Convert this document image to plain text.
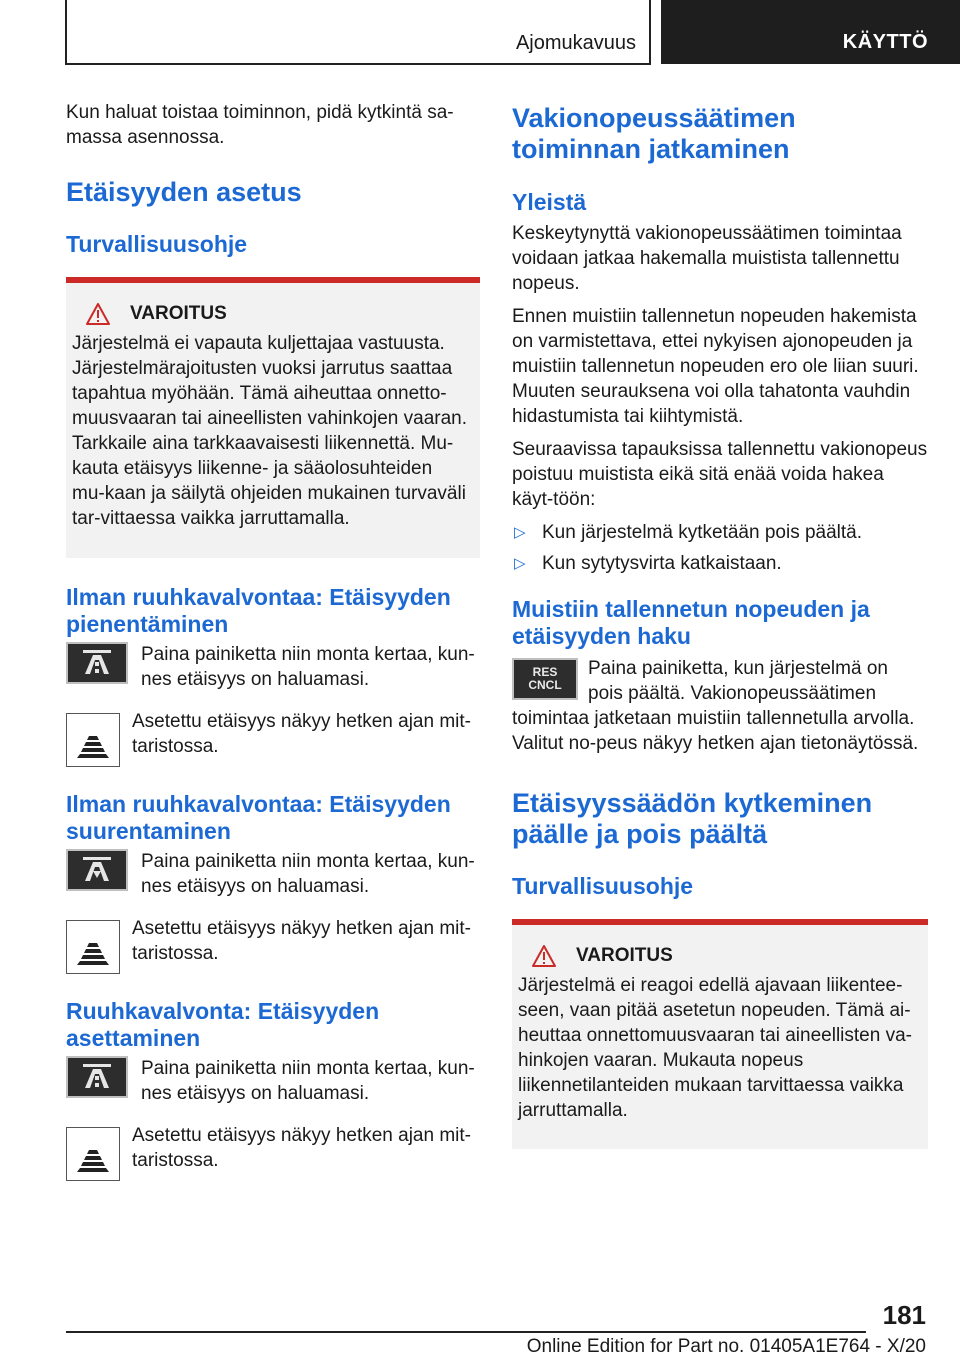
Ajomukavuus	KÄYTTÖ

Kun haluat toistaa toiminnon, pidä kytkintä sa-massa asennossa.

Etäisyyden asetus
Turvallisuusohje
VAROITUS

Järjestelmä ei vapauta kuljettajaa vastuusta. Järjestelmärajoitusten vuoksi jarrutus saattaa tapahtua myöhään. Tämä aiheuttaa onnetto-muusvaaran tai aineellisten vahinkojen vaaran. Tarkkaile aina tarkkaavaisesti liikennettä. Mu-kauta etäisyys liikenne- ja sääolosuhteiden mu-kaan ja säilytä ohjeiden mukainen turvaväli tar-vittaessa vaikka jarruttamalla.

Ilman ruuhkavalvontaa: Etäisyyden pienentäminen

Paina painiketta niin monta kertaa, kun-nes etäisyys on haluamasi.

Asetettu etäisyys näkyy hetken ajan mit-taristossa.

Ilman ruuhkavalvontaa: Etäisyyden suurentaminen

Paina painiketta niin monta kertaa, kun-nes etäisyys on haluamasi.

Asetettu etäisyys näkyy hetken ajan mit-taristossa.

Ruuhkavalvonta: Etäisyyden asettaminen

Paina painiketta niin monta kertaa, kun-nes etäisyys on haluamasi.

Asetettu etäisyys näkyy hetken ajan mit-taristossa.

Vakionopeussäätimen toiminnan jatkaminen
Yleistä

Keskeytynyttä vakionopeussäätimen toimintaa voidaan jatkaa hakemalla muistista tallennettu nopeus.

Ennen muistiin tallennetun nopeuden hakemista on varmistettava, ettei nykyisen ajonopeuden ja muistiin tallennetun nopeuden ero ole liian suuri. Muuten seurauksena voi olla tahatonta vauhdin hidastumista tai kiihtymistä.

Seuraavissa tapauksissa tallennettu vakionopeus poistuu muistista eikä sitä enää voida hakea käyt-töön:

▷ Kun järjestelmä kytketään pois päältä.
▷ Kun sytytysvirta katkaistaan.
Muistiin tallennetun nopeuden ja etäisyyden haku
RES
CNCL

Paina painiketta, kun järjestelmä on pois päältä. Vakionopeussäätimen toimintaa jatketaan muistiin tallennetulla arvolla. Valitut no-peus näkyy hetken ajan tietonäytössä.

Etäisyyssäädön kytkeminen päälle ja pois päältä
Turvallisuusohje
VAROITUS

Järjestelmä ei reagoi edellä ajavaan liikentee-seen, vaan pitää asetetun nopeuden. Tämä ai-heuttaa onnettomuusvaaran tai aineellisten va-hinkojen vaaran. Mukauta nopeus liikennetilanteiden mukaan tarvittaessa vaikka jarruttamalla.

181
Online Edition for Part no. 01405A1E764 - X/20
